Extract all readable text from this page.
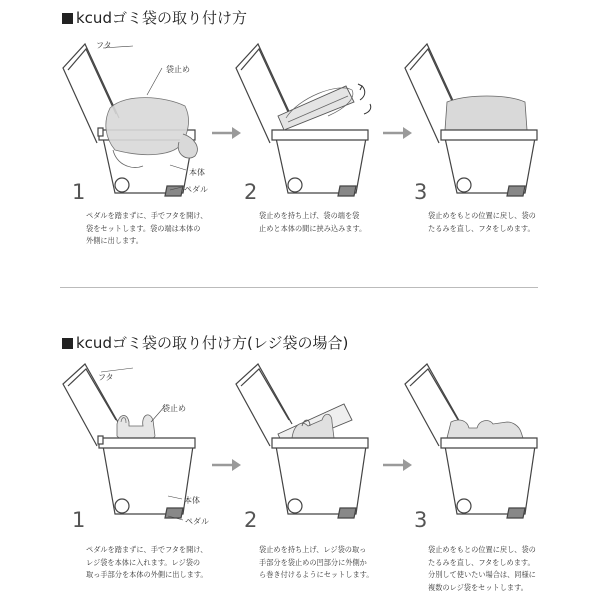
kcudゴミ袋の取り付け方
フタ
袋止め
本体
ペダル
1	2	3
ペダルを踏まずに、手でフタを開け、
袋をセットします。袋の端は本体の
外側に出します。
袋止めを持ち上げ、袋の端を袋
止めと本体の間に挟み込みます。
袋止めをもとの位置に戻し、袋の
たるみを直し、フタをしめます。
kcudゴミ袋の取り付け方(レジ袋の場合)
フタ
袋止め
本体
ペダル
1	2	3
ペダルを踏まずに、手でフタを開け、
レジ袋を本体に入れます。レジ袋の
取っ手部分を本体の外側に出します。
袋止めを持ち上げ、レジ袋の取っ
手部分を袋止めの凹部分に外側か
ら巻き付けるようにセットします。
袋止めをもとの位置に戻し、袋の
たるみを直し、フタをしめます。
分別して使いたい場合は、同様に
複数のレジ袋をセットします。
